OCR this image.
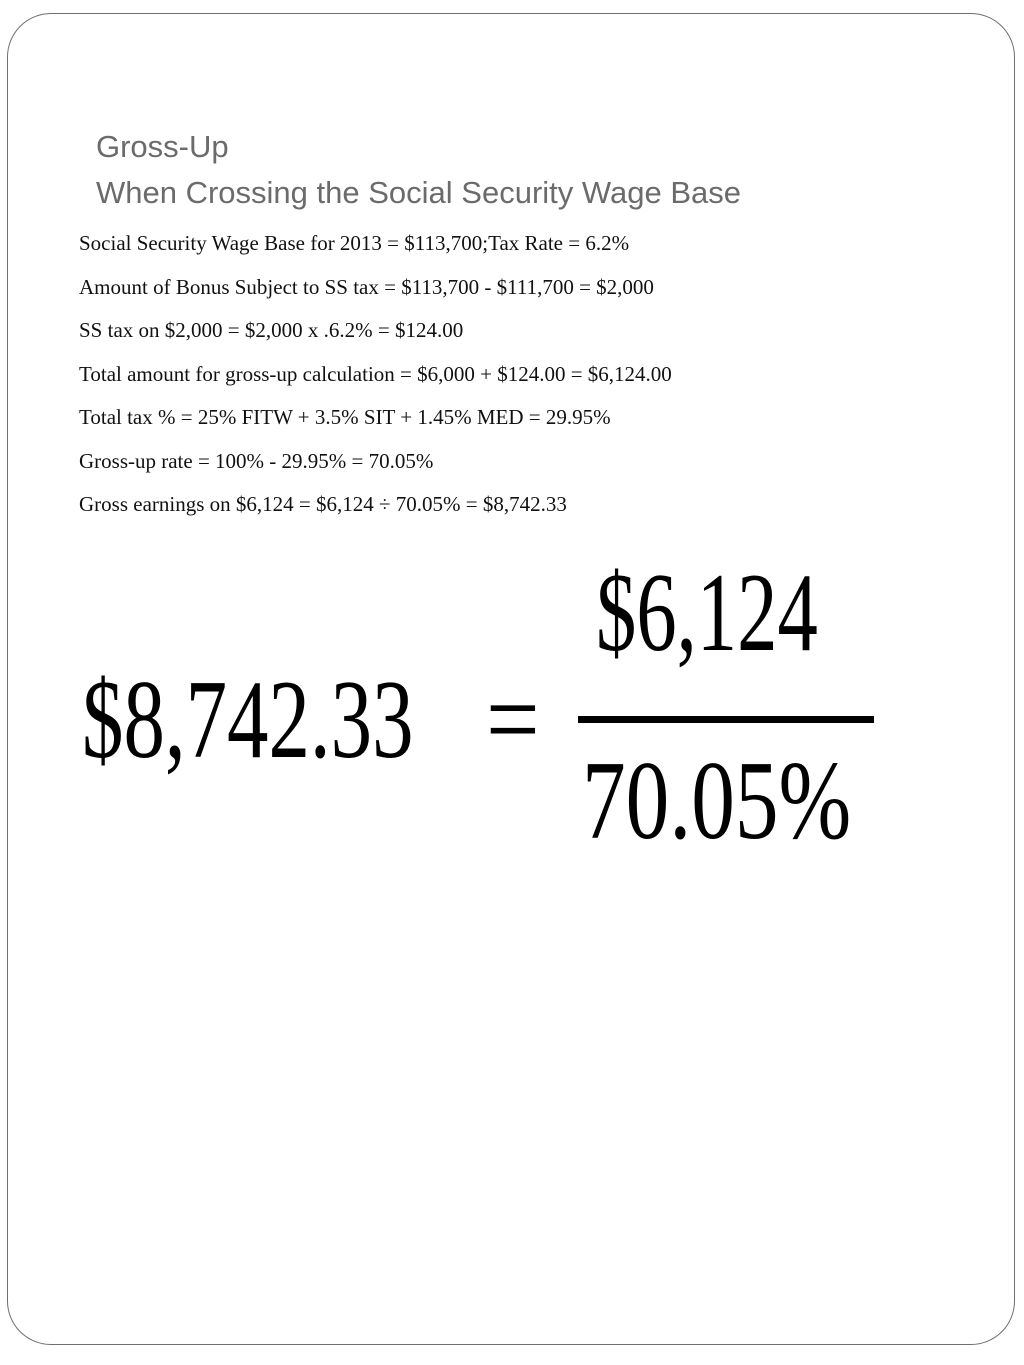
Gross-Up
When Crossing the Social Security Wage Base
Social Security Wage Base for 2013 = $113,700;Tax Rate = 6.2%
Amount of Bonus Subject to SS tax = $113,700 - $111,700 = $2,000
SS tax on $2,000 = $2,000 x .6.2% = $124.00
Total amount for gross-up calculation = $6,000 + $124.00 = $6,124.00
Total tax % = 25% FITW + 3.5% SIT + 1.45% MED = 29.95%
Gross-up rate = 100% - 29.95% = 70.05%
Gross earnings on $6,124 = $6,124 ÷ 70.05% = $8,742.33
$8,742.33 =
$6,124
70.05%
